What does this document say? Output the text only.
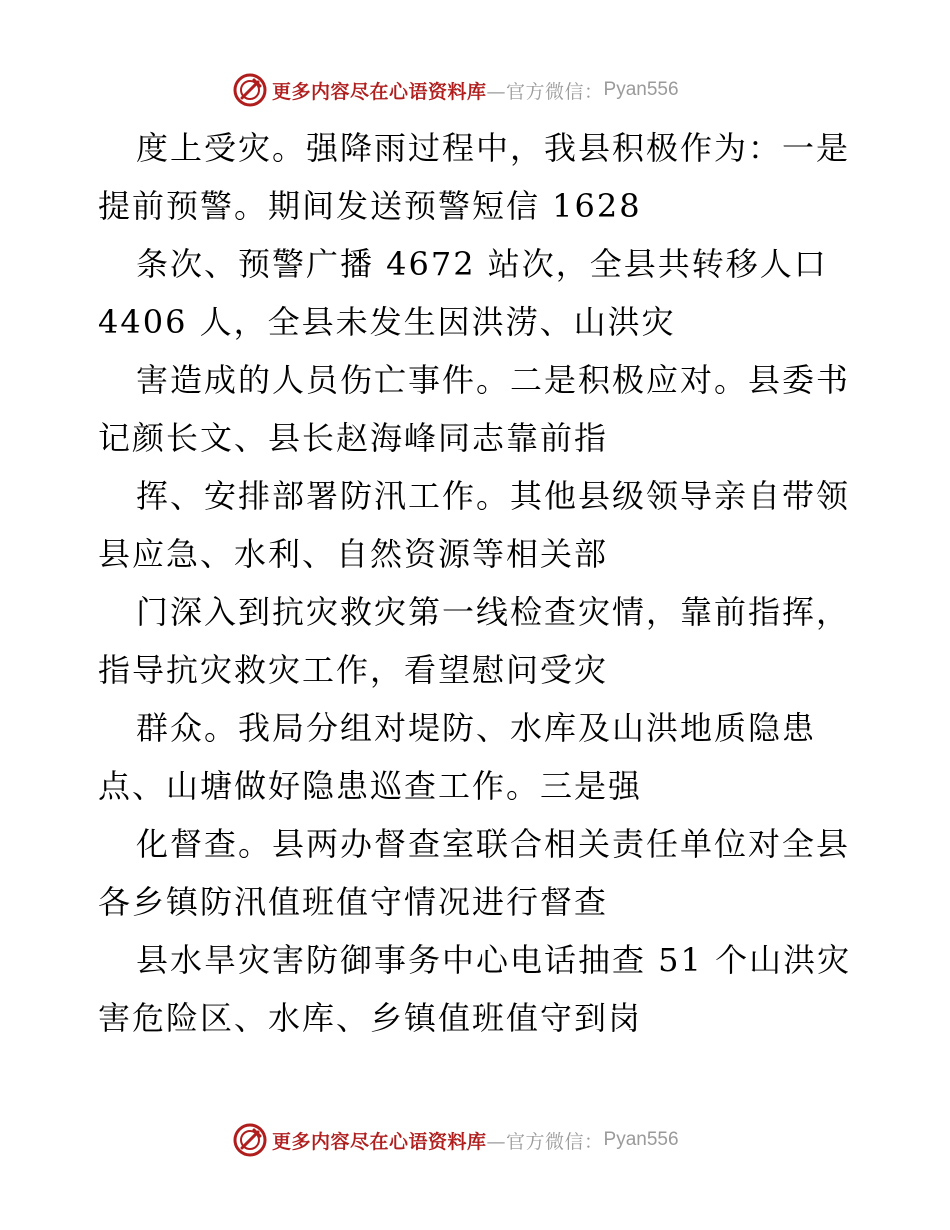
更多内容尽在心语资料库 —官方微信： Pyan556
度上受灾。强降雨过程中，我县积极作为：一是
提前预警。期间发送预警短信 1628
条次、预警广播 4672 站次，全县共转移人口
4406 人，全县未发生因洪涝、山洪灾
害造成的人员伤亡事件。二是积极应对。县委书
记颜长文、县长赵海峰同志靠前指
挥、安排部署防汛工作。其他县级领导亲自带领
县应急、水利、自然资源等相关部
门深入到抗灾救灾第一线检查灾情，靠前指挥，
指导抗灾救灾工作，看望慰问受灾
群众。我局分组对堤防、水库及山洪地质隐患
点、山塘做好隐患巡查工作。三是强
化督查。县两办督查室联合相关责任单位对全县
各乡镇防汛值班值守情况进行督查
县水旱灾害防御事务中心电话抽查 51 个山洪灾
害危险区、水库、乡镇值班值守到岗
更多内容尽在心语资料库 —官方微信： Pyan556
